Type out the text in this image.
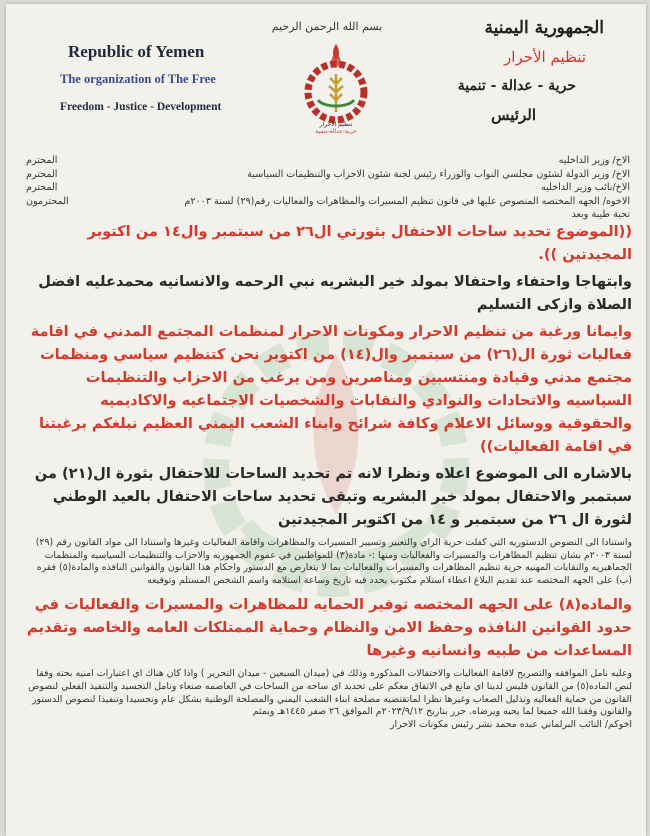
Republic of Yemen
The organization of The Free
Freedom - Justice - Development
بسم الله الرحمن الرحيم
تنظيم الاحرار
حرية-عدالة-تنمية
الجمهورية اليمنية
تنظيم الأحرار
حرية - عدالة - تنمية
الرئيس
الاخ/ وزير الداخليه
المحترم
الاخ/ وزير الدولة لشئون مجلسي النواب والوزراء رئيس لجنة شئون الاحزاب والتنظيمات السياسية
المحترم
الاخ/نائب وزير الداخليه
المحترم
الاخوه/ الجهه المختصه المنصوص عليها في قانون تنظيم المسيرات والمظاهرات والفعاليات رقم(٢٩) لسنة ٢٠٠٣م
المحترمون
تحية طيبة وبعد

((الموضوع تحديد ساحات الاحتفال بثورتي ال٢٦ من سبتمبر وال١٤ من اكتوبر المجيدتين )).

وابتهاجا واحتفاء واحتفالا بمولد خير البشريه نبي الرحمه والانسانيه محمدعليه افضل الصلاة وازكى التسليم

وايمانا ورغبة من تنظيم الاحرار ومكونات الاحرار لمنظمات المجتمع المدني في اقامة فعاليات ثورة ال(٢٦) من سبتمبر وال(١٤) من اكتوبر نحن كتنظيم سياسي ومنظمات مجتمع مدني وقيادة ومنتسبين ومناصرين ومن يرغب من الاحزاب والتنظيمات السياسيه والاتحادات والنوادي والنقابات والشخصيات الاجتماعيه والاكاديميه والحقوقية ووسائل الاعلام وكافة شرائح وابناء الشعب اليمني العظيم نبلغكم برغبتنا في اقامة الفعاليات))

بالاشاره الى الموضوع اعلاه ونظرا لانه تم تحديد الساحات للاحتفال بثورة ال(٢١) من سبتمبر والاحتفال بمولد خير البشريه وتبقى تحديد ساحات الاحتفال بالعيد الوطني لثورة ال ٢٦ من سبتمبر و ١٤ من اكتوبر المجيدتين

واستنادا الى النصوص الدستوريه التي كفلت حرية الراي والتعبير وتسيير المسيرات والمظاهرات واقامة الفعاليات وغيرها واستنادا الى مواد القانون رقم (٢٩) لسنة ٢٠٠٣م بشان تنظيم المظاهرات والمسيرات والفعاليات ومنها :- مادة(٣) للمواطنين في عموم الجمهوريه والاحزاب والتنظيمات السياسيه والمنظمات الجماهيريه والنقابات المهنيه حرية تنظيم المظاهرات والمسيرات والفعاليات بما لا يتعارض مع الدستور واحكام هذا القانون والقوانين النافذه والمادة(٥) فقره (ب) على الجهه المختصه عند تقديم البلاغ اعطاء استلام مكتوب يحدد فيه تاريخ وساعة استلامه واسم الشخص المستلم وتوقيعه

والماده(٨) على الجهه المختصه توفير الحمايه للمظاهرات والمسيرات والفعاليات في حدود القوانين النافذه وحفظ الامن والنظام وحماية الممتلكات العامه والخاصه وتقديم المساعدات من طبيه وانسانيه وغيرها

وعليه نامل الموافقه والتصريح لاقامة الفعاليات والاحتفالات المذكوره وذلك في (ميدان السبعين - ميدان التحرير ) واذا كان هناك اي اعتبارات امنيه بحته وفقا لنص الماده(٥) من القانون فليس لدينا اي مانع في الاتفاق معكم على تحديد اي ساحه من الساحات في العاصمه صنعاء ونامل التجسيد والتنفيذ الفعلي لنصوص القانون من حماية الفعاليه وتذليل الصعاب وغيرها نظرا لماتقتضيه مصلحة ابناء الشعب اليمني والمصلحة الوطنية بشكل عام وتجسيدا وتنفيذا لنصوص الدستور والقانون وفقنا الله جميعا لما يحبه ويرضاه. حرر بتاريخ ٢٠٢٣/٩/١٢م الموافق ٢٦ صفر ١٤٤٥هـ وبمثم

اخوكم/ النائب البرلماني عبده محمد بشر رئيس مكونات الاحرار
